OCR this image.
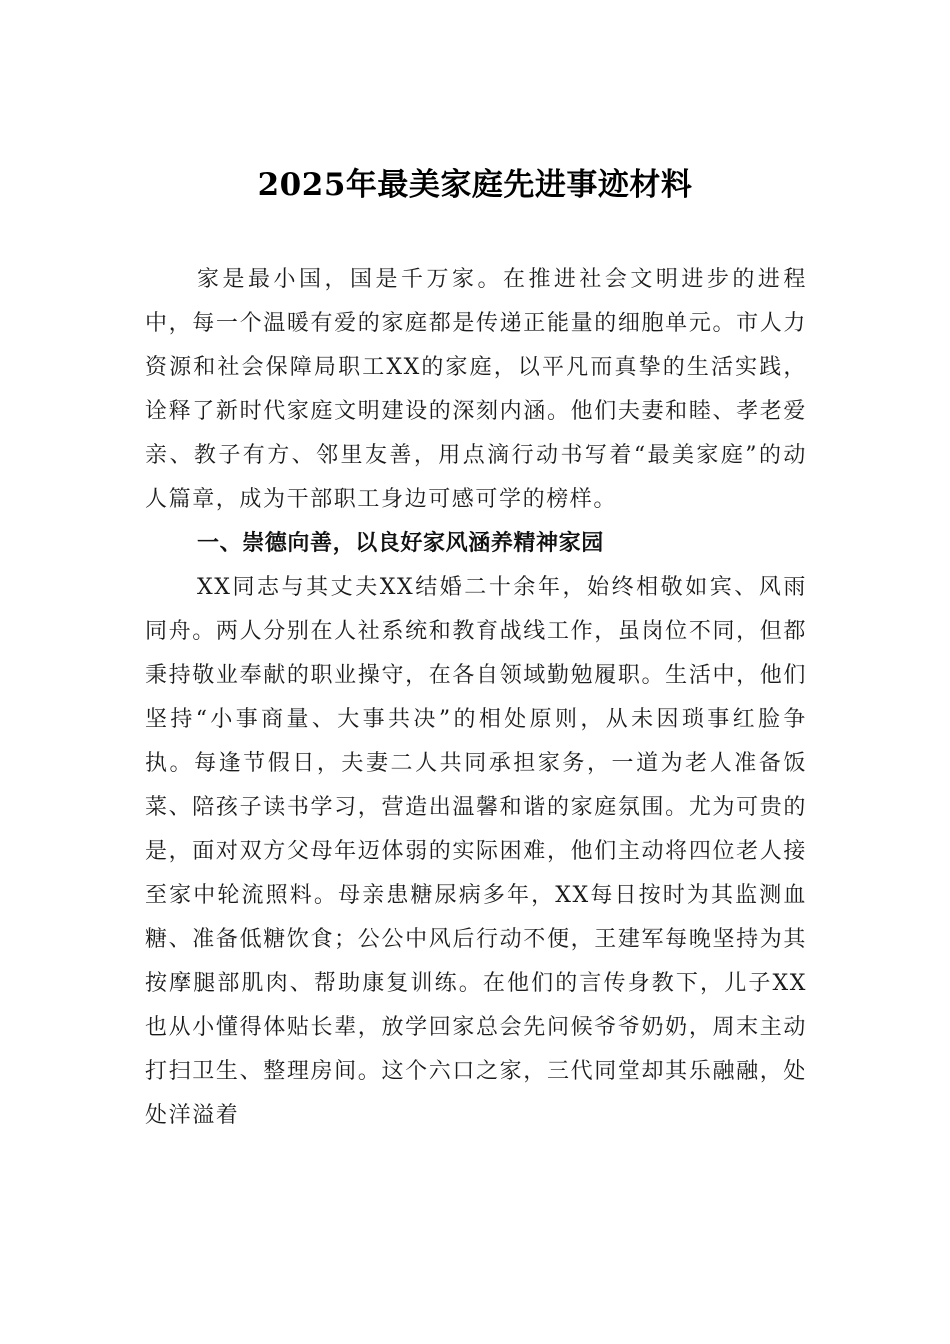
2025年最美家庭先进事迹材料

家是最小国，国是千万家。在推进社会文明进步的进程中，每一个温暖有爱的家庭都是传递正能量的细胞单元。市人力资源和社会保障局职工XX的家庭，以平凡而真挚的生活实践，诠释了新时代家庭文明建设的深刻内涵。他们夫妻和睦、孝老爱亲、教子有方、邻里友善，用点滴行动书写着“最美家庭”的动人篇章，成为干部职工身边可感可学的榜样。

一、崇德向善，以良好家风涵养精神家园

XX同志与其丈夫XX结婚二十余年，始终相敬如宾、风雨同舟。两人分别在人社系统和教育战线工作，虽岗位不同，但都秉持敬业奉献的职业操守，在各自领域勤勉履职。生活中，他们坚持“小事商量、大事共决”的相处原则，从未因琐事红脸争执。每逢节假日，夫妻二人共同承担家务，一道为老人准备饭菜、陪孩子读书学习，营造出温馨和谐的家庭氛围。尤为可贵的是，面对双方父母年迈体弱的实际困难，他们主动将四位老人接至家中轮流照料。母亲患糖尿病多年，XX每日按时为其监测血糖、准备低糖饮食；公公中风后行动不便，王建军每晚坚持为其按摩腿部肌肉、帮助康复训练。在他们的言传身教下，儿子XX也从小懂得体贴长辈，放学回家总会先问候爷爷奶奶，周末主动打扫卫生、整理房间。这个六口之家，三代同堂却其乐融融，处处洋溢着
